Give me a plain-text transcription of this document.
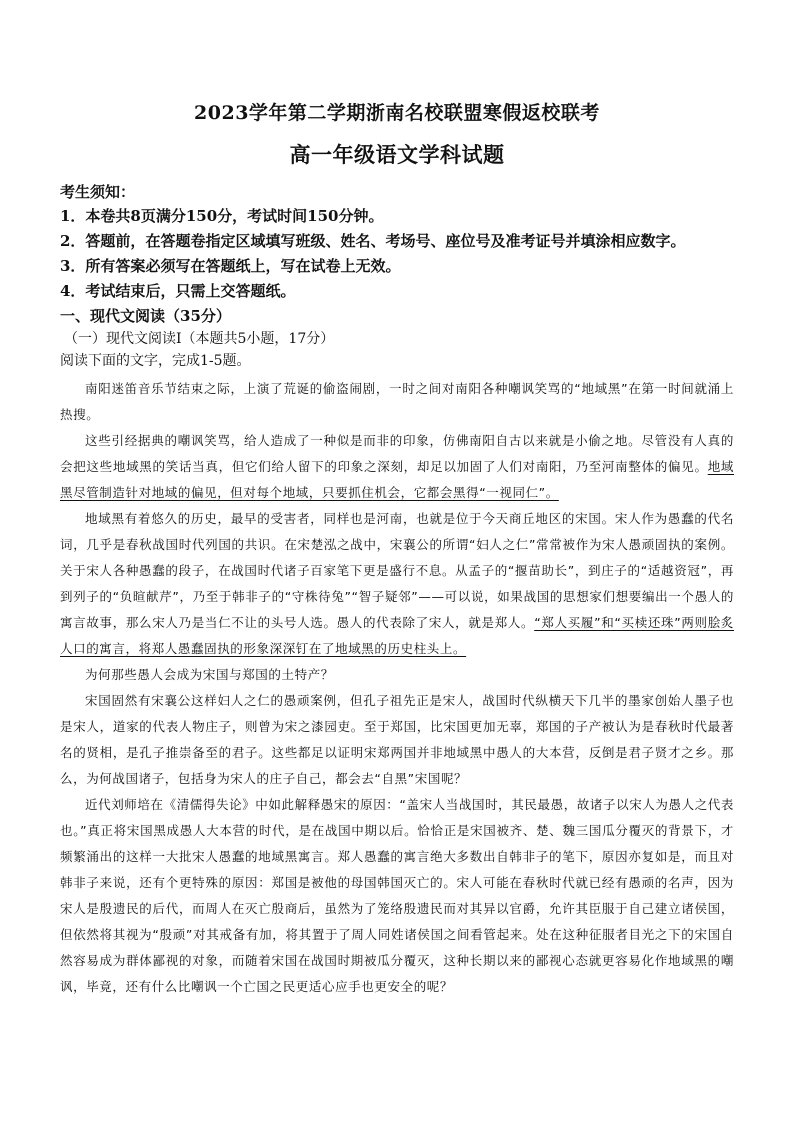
2023学年第二学期浙南名校联盟寒假返校联考
高一年级语文学科试题
考生须知：
1．本卷共8页满分150分，考试时间150分钟。
2．答题前，在答题卷指定区域填写班级、姓名、考场号、座位号及准考证号并填涂相应数字。
3．所有答案必须写在答题纸上，写在试卷上无效。
4．考试结束后，只需上交答题纸。
一、现代文阅读（35分）
（一）现代文阅读Ⅰ（本题共5小题，17分）
阅读下面的文字，完成1-5题。

南阳迷笛音乐节结束之际，上演了荒诞的偷盗闹剧，一时之间对南阳各种嘲讽笑骂的“地域黑”在第一时间就涌上热搜。

这些引经据典的嘲讽笑骂，给人造成了一种似是而非的印象，仿佛南阳自古以来就是小偷之地。尽管没有人真的会把这些地域黑的笑话当真，但它们给人留下的印象之深刻，却足以加固了人们对南阳，乃至河南整体的偏见。地域黑尽管制造针对地域的偏见，但对每个地域，只要抓住机会，它都会黑得“一视同仁”。

地域黑有着悠久的历史，最早的受害者，同样也是河南，也就是位于今天商丘地区的宋国。宋人作为愚蠢的代名词，几乎是春秋战国时代列国的共识。在宋楚泓之战中，宋襄公的所谓“妇人之仁”常常被作为宋人愚顽固执的案例。关于宋人各种愚蠢的段子，在战国时代诸子百家笔下更是盛行不息。从孟子的“揠苗助长”，到庄子的“适越资冠”，再到列子的“负暄献芹”，乃至于韩非子的“守株待兔”“智子疑邻”——可以说，如果战国的思想家们想要编出一个愚人的寓言故事，那么宋人乃是当仁不让的头号人选。愚人的代表除了宋人，就是郑人。“郑人买履”和“买椟还珠”两则脍炙人口的寓言，将郑人愚蠢固执的形象深深钉在了地域黑的历史柱头上。

为何那些愚人会成为宋国与郑国的土特产？

宋国固然有宋襄公这样妇人之仁的愚顽案例，但孔子祖先正是宋人，战国时代纵横天下几半的墨家创始人墨子也是宋人，道家的代表人物庄子，则曾为宋之漆园吏。至于郑国，比宋国更加无辜，郑国的子产被认为是春秋时代最著名的贤相，是孔子推崇备至的君子。这些都足以证明宋郑两国并非地域黑中愚人的大本营，反倒是君子贤才之乡。那么，为何战国诸子，包括身为宋人的庄子自己，都会去“自黑”宋国呢？

近代刘师培在《清儒得失论》中如此解释愚宋的原因：“盖宋人当战国时，其民最愚，故诸子以宋人为愚人之代表也。”真正将宋国黑成愚人大本营的时代，是在战国中期以后。恰恰正是宋国被齐、楚、魏三国瓜分覆灭的背景下，才频繁涌出的这样一大批宋人愚蠢的地域黑寓言。郑人愚蠢的寓言绝大多数出自韩非子的笔下，原因亦复如是，而且对韩非子来说，还有个更特殊的原因：郑国是被他的母国韩国灭亡的。宋人可能在春秋时代就已经有愚顽的名声，因为宋人是殷遗民的后代，而周人在灭亡殷商后，虽然为了笼络殷遗民而对其异以官爵，允许其臣服于自己建立诸侯国，但依然将其视为“殷顽”对其戒备有加，将其置于了周人同姓诸侯国之间看管起来。处在这种征服者目光之下的宋国自然容易成为群体鄙视的对象，而随着宋国在战国时期被瓜分覆灭，这种长期以来的鄙视心态就更容易化作地域黑的嘲讽，毕竟，还有什么比嘲讽一个亡国之民更适心应手也更安全的呢？
